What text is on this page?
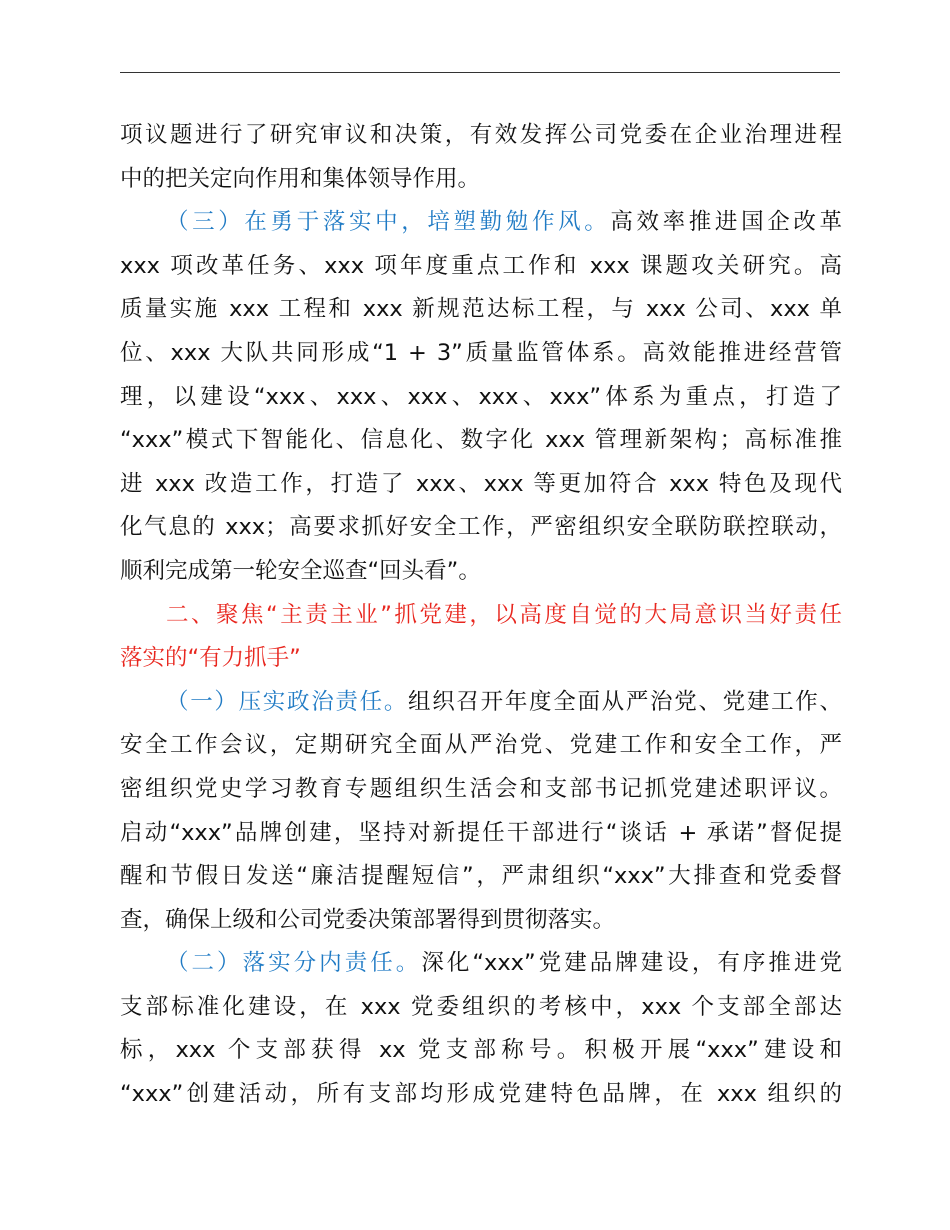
项议题进行了研究审议和决策，有效发挥公司党委在企业治理进程
中的把关定向作用和集体领导作用。
（三）在勇于落实中，培塑勤勉作风。高效率推进国企改革
xxx 项改革任务、xxx 项年度重点工作和 xxx 课题攻关研究。高
质量实施 xxx 工程和 xxx 新规范达标工程，与 xxx 公司、xxx 单
位、xxx 大队共同形成“1 + 3”质量监管体系。高效能推进经营管
理，以建设“xxx、xxx、xxx、xxx、xxx”体系为重点，打造了
“xxx”模式下智能化、信息化、数字化 xxx 管理新架构；高标准推
进 xxx 改造工作，打造了 xxx、xxx 等更加符合 xxx 特色及现代
化气息的 xxx；高要求抓好安全工作，严密组织安全联防联控联动，
顺利完成第一轮安全巡查“回头看”。
二、聚焦“主责主业”抓党建，以高度自觉的大局意识当好责任
落实的“有力抓手”
（一）压实政治责任。组织召开年度全面从严治党、党建工作、
安全工作会议，定期研究全面从严治党、党建工作和安全工作，严
密组织党史学习教育专题组织生活会和支部书记抓党建述职评议。
启动“xxx”品牌创建，坚持对新提任干部进行“谈话 + 承诺”督促提
醒和节假日发送“廉洁提醒短信”，严肃组织“xxx”大排查和党委督
查，确保上级和公司党委决策部署得到贯彻落实。
（二）落实分内责任。深化“xxx”党建品牌建设，有序推进党
支部标准化建设，在 xxx 党委组织的考核中，xxx 个支部全部达
标，xxx 个支部获得 xx 党支部称号。积极开展“xxx”建设和
“xxx”创建活动，所有支部均形成党建特色品牌，在 xxx 组织的
